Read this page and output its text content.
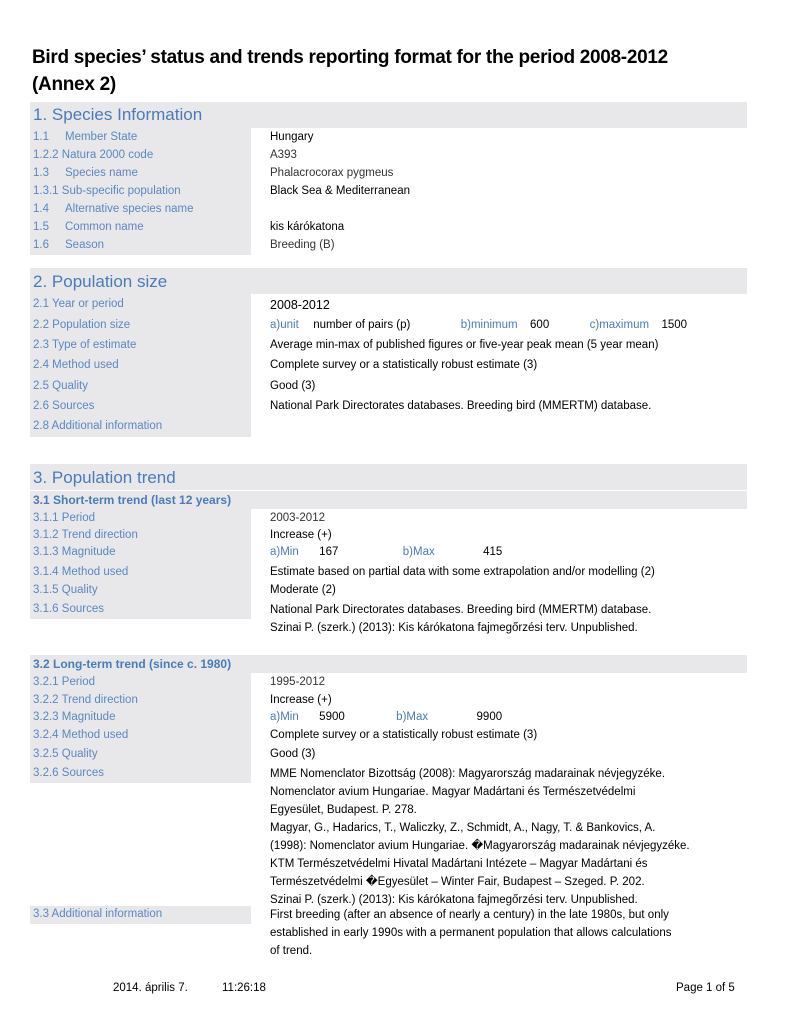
Bird species’ status and trends reporting format for the period 2008-2012
(Annex 2)
1. Species Information
1.1 Member State	Hungary
1.2.2 Natura 2000 code	A393
1.3 Species name	Phalacrocorax pygmeus
1.3.1 Sub-specific population	Black Sea & Mediterranean
1.4 Alternative species name
1.5 Common name	kis kárókatona
1.6 Season	Breeding (B)
2. Population size
2.1 Year or period	2008-2012
2.2 Population size	a)unit number of pairs (p)	b)minimum 600	c)maximum 1500
2.3 Type of estimate	Average min-max of published figures or five-year peak mean (5 year mean)
2.4 Method used	Complete survey or a statistically robust estimate (3)
2.5 Quality	Good (3)
2.6 Sources	National Park Directorates databases. Breeding bird (MMERTM) database.
2.8 Additional information
3. Population trend
3.1 Short-term trend (last 12 years)
3.1.1 Period	2003-2012
3.1.2 Trend direction	Increase (+)
3.1.3 Magnitude	a)Min 167	b)Max	415
3.1.4 Method used	Estimate based on partial data with some extrapolation and/or modelling (2)
3.1.5 Quality	Moderate (2)
3.1.6 Sources	National Park Directorates databases. Breeding bird (MMERTM) database.
Szinai P. (szerk.) (2013): Kis kárókatona fajmegőrzési terv. Unpublished.
3.2 Long-term trend (since c. 1980)
3.2.1 Period	1995-2012
3.2.2 Trend direction	Increase (+)
3.2.3 Magnitude	a)Min 5900	b)Max	9900
3.2.4 Method used	Complete survey or a statistically robust estimate (3)
3.2.5 Quality	Good (3)
3.2.6 Sources	MME Nomenclator Bizottság (2008): Magyarország madarainak névjegyzéke.
Nomenclator avium Hungariae. Magyar Madártani és Természetvédelmi
Egyesület, Budapest. P. 278.
Magyar, G., Hadarics, T., Waliczky, Z., Schmidt, A., Nagy, T. & Bankovics, A.
(1998): Nomenclator avium Hungariae. �Magyarország madarainak névjegyzéke.
KTM Természetvédelmi Hivatal Madártani Intézete – Magyar Madártani és
Természetvédelmi �Egyesület – Winter Fair, Budapest – Szeged. P. 202.
Szinai P. (szerk.) (2013): Kis kárókatona fajmegőrzési terv. Unpublished.
3.3 Additional information	First breeding (after an absence of nearly a century) in the late 1980s, but only
established in early 1990s with a permanent population that allows calculations
of trend.
2014. április 7.	11:26:18	Page 1 of 5
